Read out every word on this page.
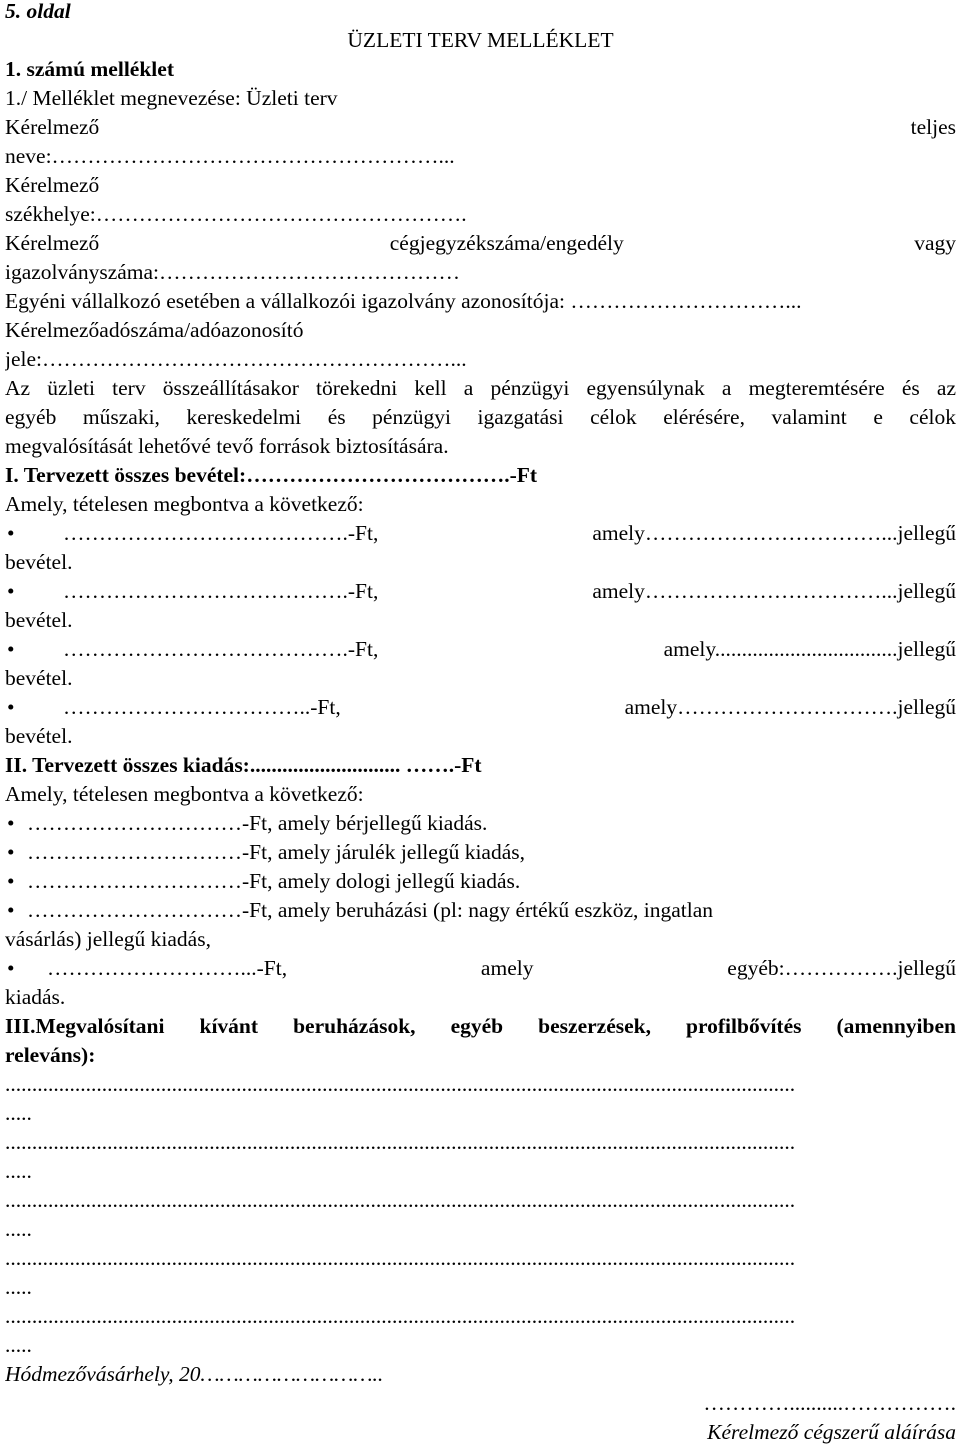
5. oldal
ÜZLETI TERV MELLÉKLET
1. számú melléklet
1./ Melléklet megnevezése: Üzleti terv
Kérelmező	teljes
neve:………………………………………………...
Kérelmező
székhelye:…………………………………………….
Kérelmező	cégjegyzékszáma/engedély	vagy
igazolványszáma:……………………………………
Egyéni vállalkozó esetében a vállalkozói igazolvány azonosítója: …………………………...
Kérelmezőadószáma/adóazonosító
jele:…………………………………………………...
Az üzleti terv összeállításakor törekedni kell a pénzügyi egyensúlynak a megteremtésére és az
egyéb műszaki, kereskedelmi és pénzügyi igazgatási célok elérésére, valamint e célok
megvalósítását lehetővé tevő források biztosítására.
I. Tervezett összes bevétel:……………………………….-Ft
Amely, tételesen megbontva a következő:
•	………………………………….-Ft,	amely……………………………...jellegű
bevétel.
•	………………………………….-Ft,	amely……………………………...jellegű
bevétel.
•	………………………………….-Ft,	amely..................................jellegű
bevétel.
•	……………………………..-Ft,	amely………………………….jellegű
bevétel.
II. Tervezett összes kiadás:............................ …….-Ft
Amely, tételesen megbontva a következő:
• …………………………-Ft, amely bérjellegű kiadás.
• …………………………-Ft, amely járulék jellegű kiadás,
• …………………………-Ft, amely dologi jellegű kiadás.
• …………………………-Ft, amely beruházási (pl: nagy értékű eszköz, ingatlan
vásárlás) jellegű kiadás,
•	………………………...-Ft,	amely	egyéb:…………….jellegű
kiadás.
III.Megvalósítani kívánt beruházások, egyéb beszerzések, profilbővítés (amennyiben
releváns):
...................................................................................................................................................
.....
...................................................................................................................................................
.....
...................................................................................................................................................
.....
...................................................................................................................................................
.....
...................................................................................................................................................
.....
Hódmezővásárhely, 20………………………..
…………..........…………….
Kérelmező cégszerű aláírása
